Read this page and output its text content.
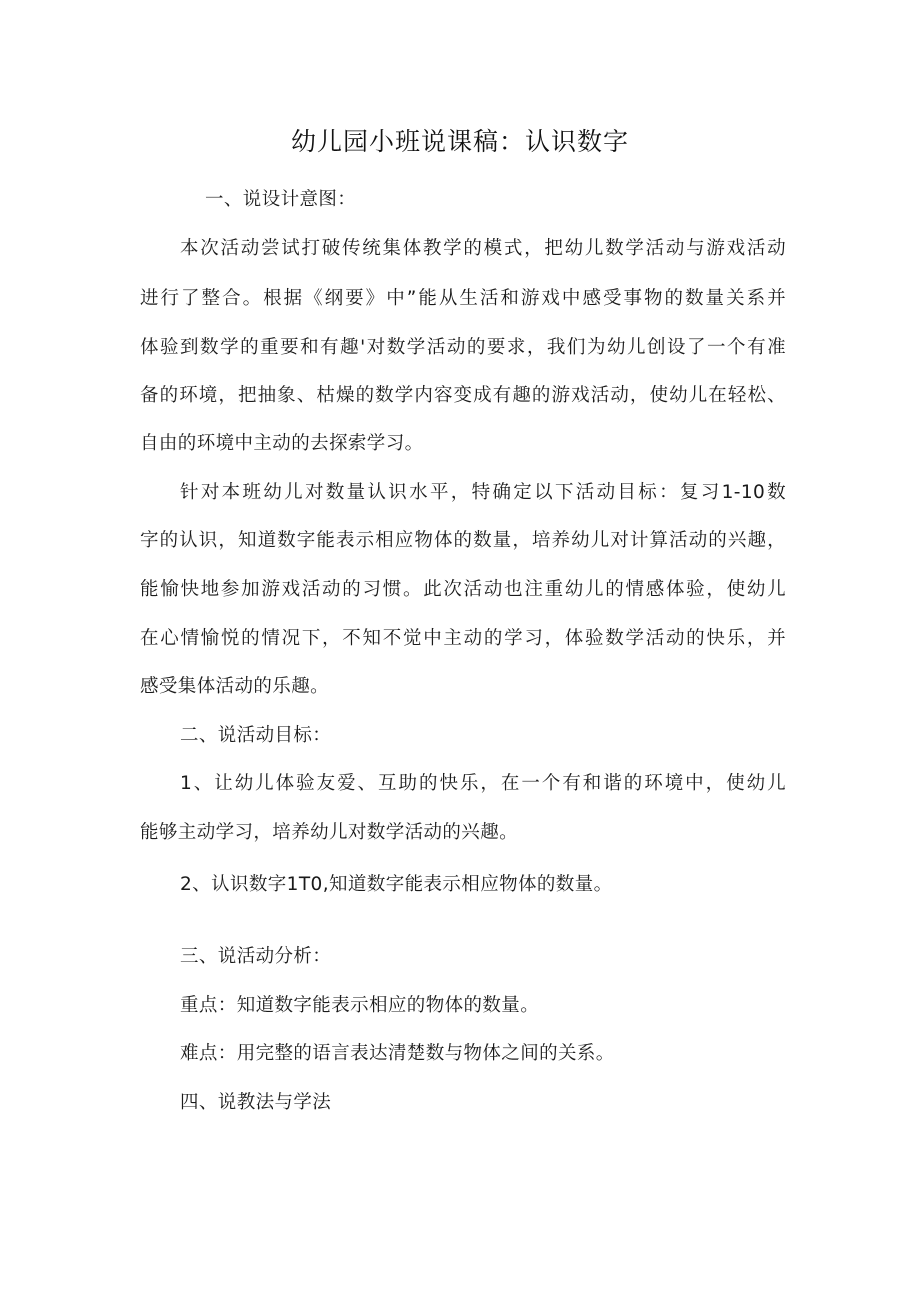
幼儿园小班说课稿：认识数字
一、说设计意图：
本次活动尝试打破传统集体教学的模式，把幼儿数学活动与游戏活动
进行了整合。根据《纲要》中”能从生活和游戏中感受事物的数量关系并
体验到数学的重要和有趣'对数学活动的要求，我们为幼儿创设了一个有准
备的环境，把抽象、枯燥的数学内容变成有趣的游戏活动，使幼儿在轻松、
自由的环境中主动的去探索学习。
针对本班幼儿对数量认识水平，特确定以下活动目标：复习1-10数
字的认识，知道数字能表示相应物体的数量，培养幼儿对计算活动的兴趣，
能愉快地参加游戏活动的习惯。此次活动也注重幼儿的情感体验，使幼儿
在心情愉悦的情况下，不知不觉中主动的学习，体验数学活动的快乐，并
感受集体活动的乐趣。
二、说活动目标：
1、让幼儿体验友爱、互助的快乐，在一个有和谐的环境中，使幼儿
能够主动学习，培养幼儿对数学活动的兴趣。
2、认识数字1T0,知道数字能表示相应物体的数量。
三、说活动分析：
重点：知道数字能表示相应的物体的数量。
难点：用完整的语言表达清楚数与物体之间的关系。
四、说教法与学法
